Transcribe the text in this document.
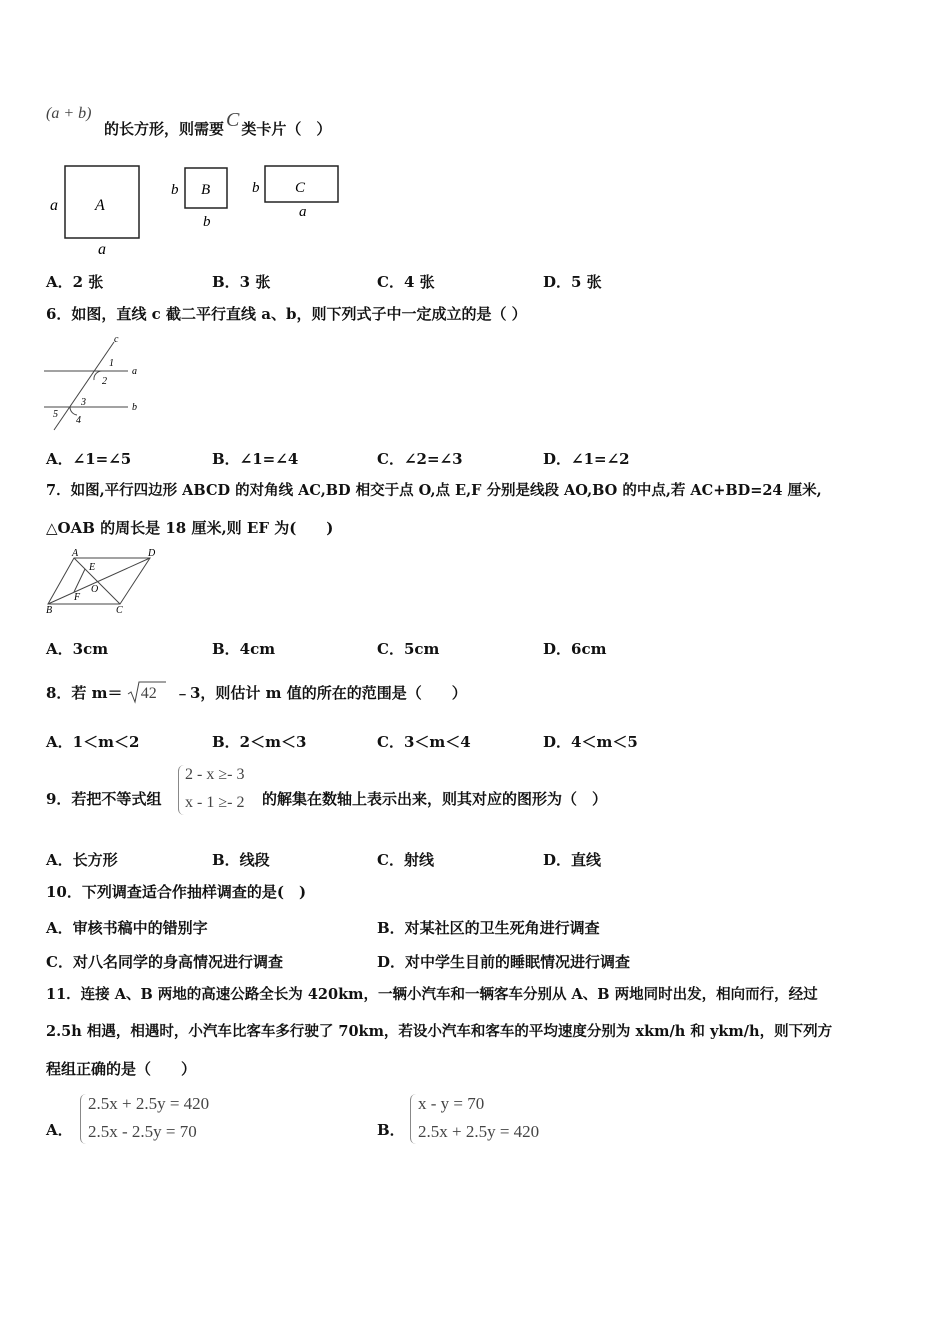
(a + b)
的长方形，则需要 C 类卡片（　）
A
a
a
B
b
b
C
b
a
A．2 张	B．3 张	C．4 张	D．5 张
6．如图，直线 c 截二平行直线 a、b，则下列式子中一定成立的是（ ）
c
a
b
1
2
3
4
5
A．∠1=∠5	B．∠1=∠4	C．∠2=∠3	D．∠1=∠2
7．如图,平行四边形 ABCD 的对角线 AC,BD 相交于点 O,点 E,F 分别是线段 AO,BO 的中点,若 AC+BD=24 厘米,
△OAB 的周长是 18 厘米,则 EF 为(　　)
A	D
B	C
E
F
O
A．3cm	B．4cm	C．5cm	D．6cm
8．若 m＝ 42 ﹣3，则估计 m 值的所在的范围是（　　）
A．1＜m＜2	B．2＜m＜3	C．3＜m＜4	D．4＜m＜5
9．若把不等式组
2 - x ≥- 3
x - 1 ≥- 2 的解集在数轴上表示出来，则其对应的图形为（　）
A．长方形	B．线段	C．射线	D．直线
10．下列调查适合作抽样调查的是(　)
A．审核书稿中的错别字	B．对某社区的卫生死角进行调查
C．对八名同学的身高情况进行调查	D．对中学生目前的睡眠情况进行调查
11．连接 A、B 两地的高速公路全长为 420km，一辆小汽车和一辆客车分别从 A、B 两地同时出发，相向而行，经过
2.5h 相遇，相遇时，小汽车比客车多行驶了 70km，若设小汽车和客车的平均速度分别为 xkm/h 和 ykm/h，则下列方
程组正确的是（　　）
A．
2.5x + 2.5y = 420
2.5x - 2.5y = 70	B．
x - y = 70
2.5x + 2.5y = 420
